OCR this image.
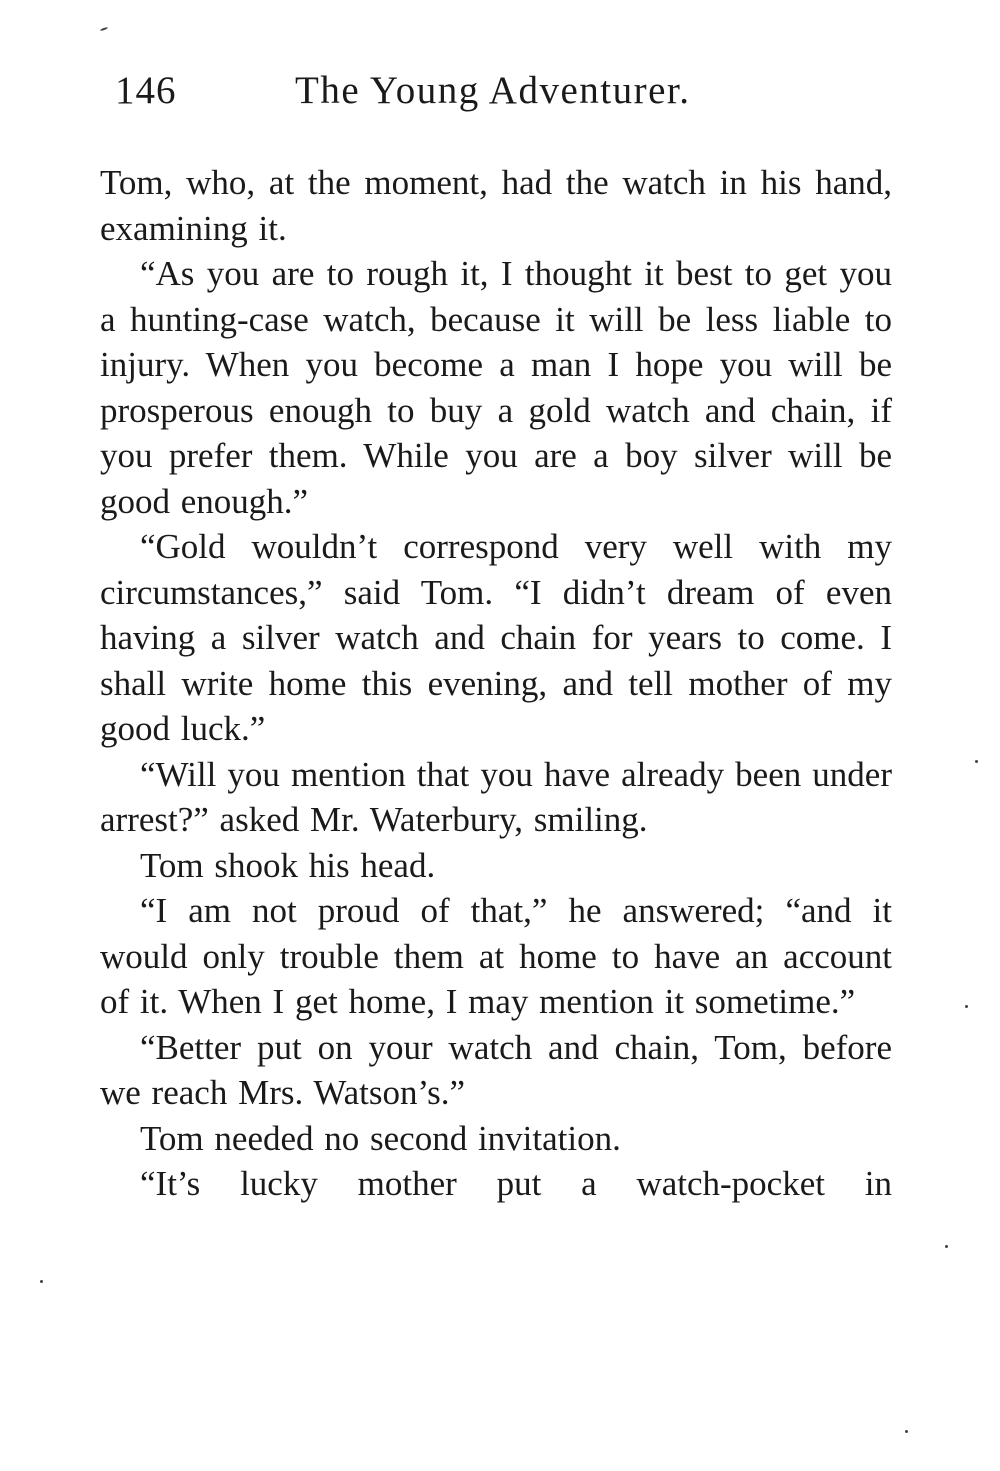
146	The Young Adventurer.

Tom, who, at the moment, had the watch in his hand, examining it.

“As you are to rough it, I thought it best to get you a hunting-case watch, because it will be less liable to injury. When you become a man I hope you will be prosperous enough to buy a gold watch and chain, if you prefer them. While you are a boy silver will be good enough.”

“Gold wouldn’t correspond very well with my circumstances,” said Tom. “I didn’t dream of even having a silver watch and chain for years to come. I shall write home this evening, and tell mother of my good luck.”

“Will you mention that you have already been under arrest?” asked Mr. Waterbury, smiling.

Tom shook his head.

“I am not proud of that,” he answered; “and it would only trouble them at home to have an account of it. When I get home, I may mention it sometime.”

“Better put on your watch and chain, Tom, before we reach Mrs. Watson’s.”

Tom needed no second invitation.

“It’s lucky mother put a watch-pocket in
